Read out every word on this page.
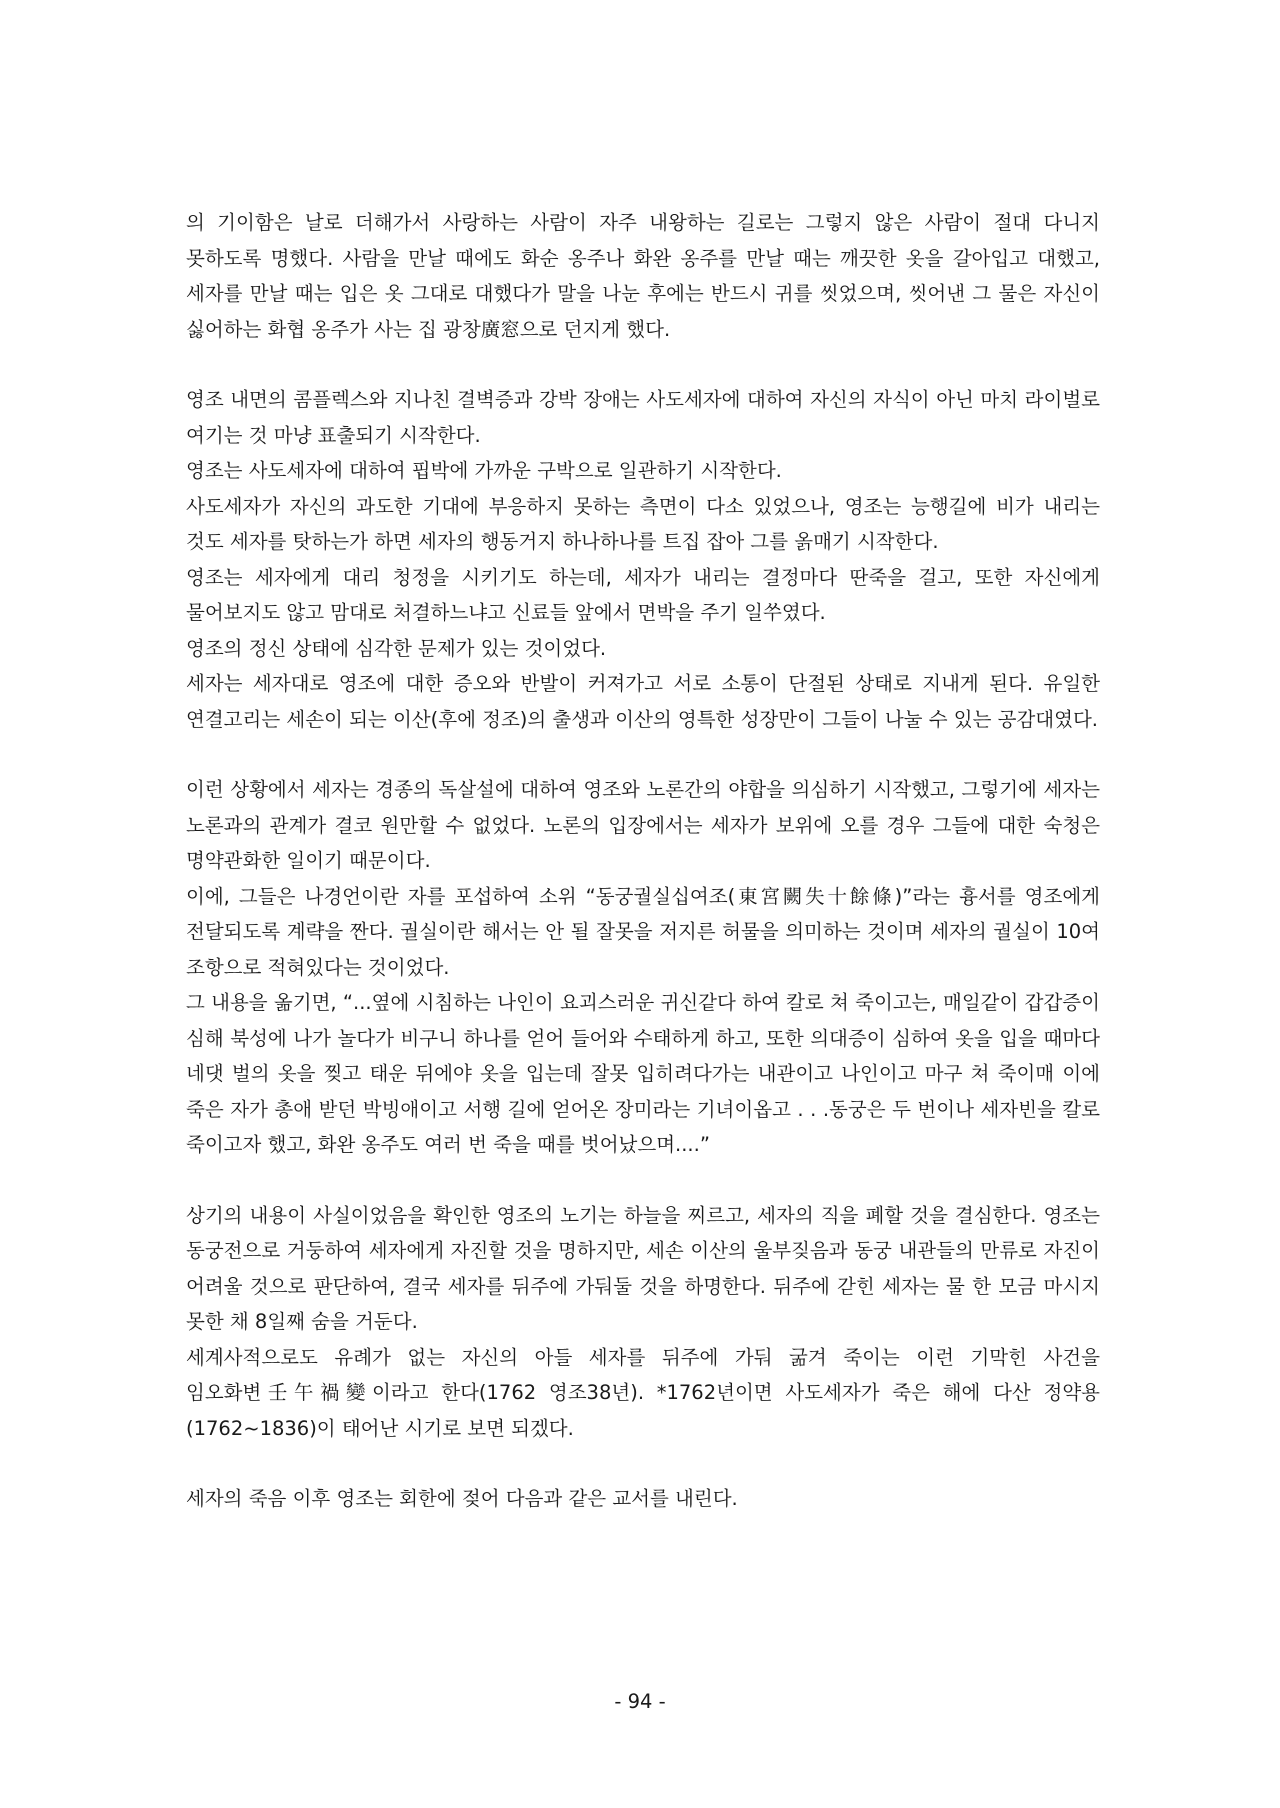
의 기이함은 날로 더해가서 사랑하는 사람이 자주 내왕하는 길로는 그렇지 않은 사람이 절대 다니지 못하도록 명했다. 사람을 만날 때에도 화순 옹주나 화완 옹주를 만날 때는 깨끗한 옷을 갈아입고 대했고, 세자를 만날 때는 입은 옷 그대로 대했다가 말을 나눈 후에는 반드시 귀를 씻었으며, 씻어낸 그 물은 자신이 싫어하는 화협 옹주가 사는 집 광창廣窓으로 던지게 했다.

영조 내면의 콤플렉스와 지나친 결벽증과 강박 장애는 사도세자에 대하여 자신의 자식이 아닌 마치 라이벌로 여기는 것 마냥 표출되기 시작한다.

영조는 사도세자에 대하여 핍박에 가까운 구박으로 일관하기 시작한다.

사도세자가 자신의 과도한 기대에 부응하지 못하는 측면이 다소 있었으나, 영조는 능행길에 비가 내리는 것도 세자를 탓하는가 하면 세자의 행동거지 하나하나를 트집 잡아 그를 옭매기 시작한다.

영조는 세자에게 대리 청정을 시키기도 하는데, 세자가 내리는 결정마다 딴죽을 걸고, 또한 자신에게 물어보지도 않고 맘대로 처결하느냐고 신료들 앞에서 면박을 주기 일쑤였다.

영조의 정신 상태에 심각한 문제가 있는 것이었다.

세자는 세자대로 영조에 대한 증오와 반발이 커져가고 서로 소통이 단절된 상태로 지내게 된다. 유일한 연결고리는 세손이 되는 이산(후에 정조)의 출생과 이산의 영특한 성장만이 그들이 나눌 수 있는 공감대였다.

이런 상황에서 세자는 경종의 독살설에 대하여 영조와 노론간의 야합을 의심하기 시작했고, 그렇기에 세자는 노론과의 관계가 결코 원만할 수 없었다. 노론의 입장에서는 세자가 보위에 오를 경우 그들에 대한 숙청은 명약관화한 일이기 때문이다.

이에, 그들은 나경언이란 자를 포섭하여 소위 “동궁궐실십여조(東宮闕失十餘條)”라는 흉서를 영조에게 전달되도록 계략을 짠다. 궐실이란 해서는 안 될 잘못을 저지른 허물을 의미하는 것이며 세자의 궐실이 10여 조항으로 적혀있다는 것이었다.

그 내용을 옮기면, “...옆에 시침하는 나인이 요괴스러운 귀신같다 하여 칼로 쳐 죽이고는, 매일같이 갑갑증이 심해 북성에 나가 놀다가 비구니 하나를 얻어 들어와 수태하게 하고, 또한 의대증이 심하여 옷을 입을 때마다 네댓 벌의 옷을 찢고 태운 뒤에야 옷을 입는데 잘못 입히려다가는 내관이고 나인이고 마구 쳐 죽이매 이에 죽은 자가 총애 받던 박빙애이고 서행 길에 얻어온 장미라는 기녀이옵고 . . .동궁은 두 번이나 세자빈을 칼로 죽이고자 했고, 화완 옹주도 여러 번 죽을 때를 벗어났으며....”

상기의 내용이 사실이었음을 확인한 영조의 노기는 하늘을 찌르고, 세자의 직을 폐할 것을 결심한다. 영조는 동궁전으로 거둥하여 세자에게 자진할 것을 명하지만, 세손 이산의 울부짖음과 동궁 내관들의 만류로 자진이 어려울 것으로 판단하여, 결국 세자를 뒤주에 가둬둘 것을 하명한다. 뒤주에 갇힌 세자는 물 한 모금 마시지 못한 채 8일째 숨을 거둔다.

세계사적으로도 유례가 없는 자신의 아들 세자를 뒤주에 가둬 굶겨 죽이는 이런 기막힌 사건을 임오화변壬午禍變이라고 한다(1762 영조38년). *1762년이면 사도세자가 죽은 해에 다산 정약용(1762~1836)이 태어난 시기로 보면 되겠다.

세자의 죽음 이후 영조는 회한에 젖어 다음과 같은 교서를 내린다.

- 94 -
